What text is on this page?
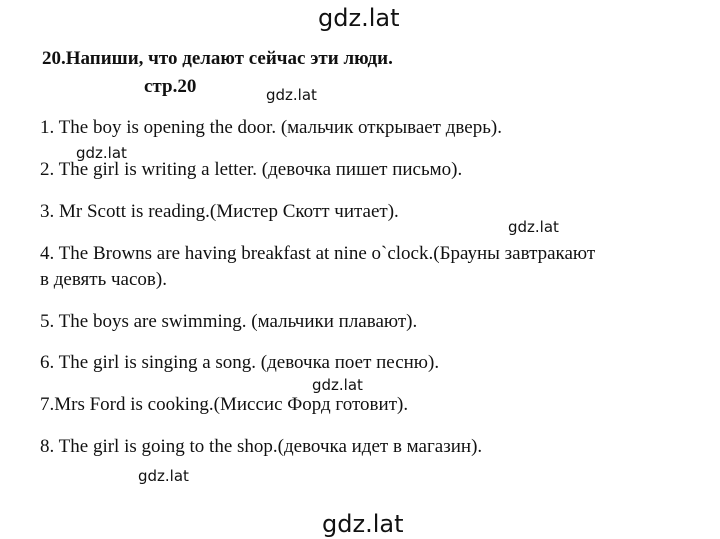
gdz.lat
20.Напиши, что делают сейчас эти люди.
стр.20	gdz.lat
1. The boy is opening the door. (мальчик открывает дверь).
gdz.lat
2. The girl is writing a letter. (девочка пишет письмо).
3. Mr Scott is reading.(Мистер Скотт читает).
gdz.lat
4. The Browns are having breakfast at nine o`clock.(Брауны завтракают
в девять часов).
5. The boys are swimming. (мальчики плавают).
6. The girl is singing a song. (девочка поет песню).
gdz.lat
7.Mrs Ford is cooking.(Миссис Форд готовит).
8. The girl is going to the shop.(девочка идет в магазин).
gdz.lat
gdz.lat
